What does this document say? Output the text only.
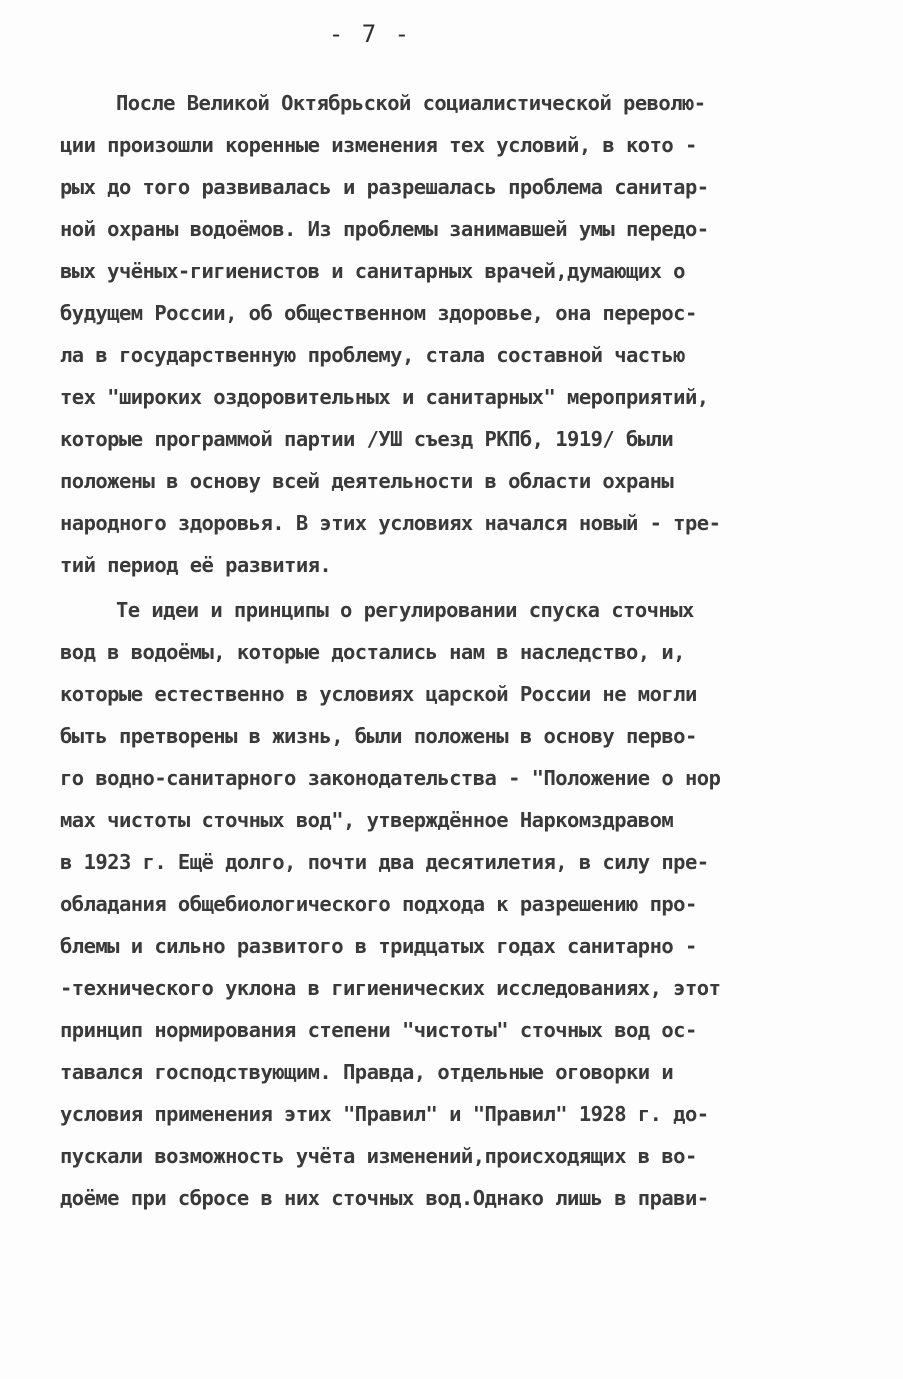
- 7 -
После Великой Октябрьской социалистической револю-
ции произошли коренные изменения тех условий, в кото -
рых до того развивалась и разрешалась проблема санитар-
ной охраны водоёмов. Из проблемы занимавшей умы передо-
вых учёных-гигиенистов и санитарных врачей,думающих о
будущем России, об общественном здоровье, она перерос-
ла в государственную проблему, стала составной частью
тех "широких оздоровительных и санитарных" мероприятий,
которые программой партии /УШ съезд РКПб, 1919/ были
положены в основу всей деятельности в области охраны
народного здоровья. В этих условиях начался новый - тре-
тий период её развития.
Те идеи и принципы о регулировании спуска сточных
вод в водоёмы, которые достались нам в наследство, и,
которые естественно в условиях царской России не могли
быть претворены в жизнь, были положены в основу перво-
го водно-санитарного законодательства - "Положение о нор
мах чистоты сточных вод", утверждённое Наркомздравом
в 1923 г. Ещё долго, почти два десятилетия, в силу пре-
обладания общебиологического подхода к разрешению про-
блемы и сильно развитого в тридцатых годах санитарно -
-технического уклона в гигиенических исследованиях, этот
принцип нормирования степени "чистоты" сточных вод ос-
тавался господствующим. Правда, отдельные оговорки и
условия применения этих "Правил" и "Правил" 1928 г. до-
пускали возможность учёта изменений,происходящих в во-
доёме при сбросе в них сточных вод.Однако лишь в прави-
